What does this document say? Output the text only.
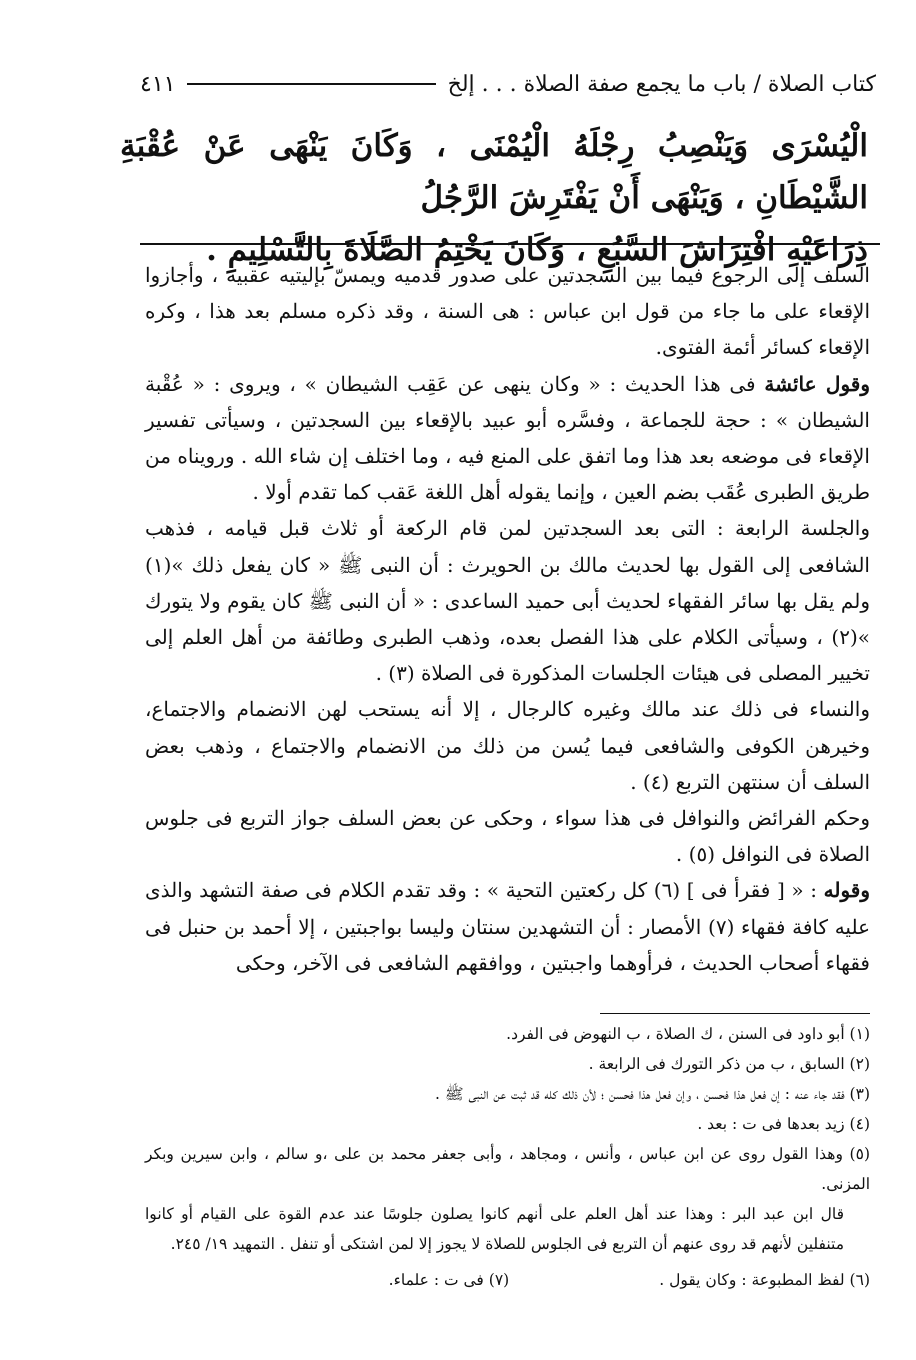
كتاب الصلاة / باب ما يجمع صفة الصلاة . . . إلخ
٤١١

الْيُسْرَى وَيَنْصِبُ رِجْلَهُ الْيُمْنَى ، وَكَانَ يَنْهَى عَنْ عُقْبَةِ الشَّيْطَانِ ، وَيَنْهَى أَنْ يَفْتَرِشَ الرَّجُلُ

ذِرَاعَيْهِ افْتِرَاشَ السَّبُعِ ، وَكَانَ يَخْتِمُ الصَّلَاةَ بِالتَّسْلِيمِ .

السلف إلى الرجوع فيما بين السجدتين على صدور قدميه ويمسّ بإليتيه عقبيه ، وأجازوا الإقعاء على ما جاء من قول ابن عباس : هى السنة ، وقد ذكره مسلم بعد هذا ، وكره الإقعاء كسائر أئمة الفتوى.

وقول عائشة فى هذا الحديث : « وكان ينهى عن عَقِب الشيطان » ، ويروى : « عُقْبة الشيطان » : حجة للجماعة ، وفسَّره أبو عبيد بالإقعاء بين السجدتين ، وسيأتى تفسير الإقعاء فى موضعه بعد هذا وما اتفق على المنع فيه ، وما اختلف إن شاء الله . ورويناه من طريق الطبرى عُقَب بضم العين ، وإنما يقوله أهل اللغة عَقب كما تقدم أولا .

والجلسة الرابعة : التى بعد السجدتين لمن قام الركعة أو ثلاث قبل قيامه ، فذهب الشافعى إلى القول بها لحديث مالك بن الحويرث : أن النبى ﷺ « كان يفعل ذلك »(١) ولم يقل بها سائر الفقهاء لحديث أبى حميد الساعدى : « أن النبى ﷺ كان يقوم ولا يتورك »(٢) ، وسيأتى الكلام على هذا الفصل بعده، وذهب الطبرى وطائفة من أهل العلم إلى تخيير المصلى فى هيئات الجلسات المذكورة فى الصلاة (٣) .

والنساء فى ذلك عند مالك وغيره كالرجال ، إلا أنه يستحب لهن الانضمام والاجتماع، وخيرهن الكوفى والشافعى فيما يُسن من ذلك من الانضمام والاجتماع ، وذهب بعض السلف أن سنتهن التربع (٤) .

وحكم الفرائض والنوافل فى هذا سواء ، وحكى عن بعض السلف جواز التربع فى جلوس الصلاة فى النوافل (٥) .

وقوله : « [ فقرأ فى ] (٦) كل ركعتين التحية » : وقد تقدم الكلام فى صفة التشهد والذى عليه كافة فقهاء (٧) الأمصار : أن التشهدين سنتان وليسا بواجبتين ، إلا أحمد بن حنبل فى فقهاء أصحاب الحديث ، فرأوهما واجبتين ، ووافقهم الشافعى فى الآخر، وحكى

(١) أبو داود فى السنن ، ك الصلاة ، ب النهوض فى الفرد.

(٢) السابق ، ب من ذكر التورك فى الرابعة .

(٣) فقد جاء عنه : إن فعل هذا فحسن ، وإن فعل هذا فحسن ؛ لأن ذلك كله قد ثبت عن النبى ﷺ .

(٤) زيد بعدها فى ت : بعد .

(٥) وهذا القول روى عن ابن عباس ، وأنس ، ومجاهد ، وأبى جعفر محمد بن على ،و سالم ، وابن سيرين وبكر المزنى.

قال ابن عبد البر : وهذا عند أهل العلم على أنهم كانوا يصلون جلوسًا عند عدم القوة على القيام أو كانوا متنفلين لأنهم قد روى عنهم أن التربع فى الجلوس للصلاة لا يجوز إلا لمن اشتكى أو تنفل . التمهيد ١٩/ ٢٤٥.

(٦) لفظ المطبوعة : وكان يقول .
(٧) فى ت : علماء.
